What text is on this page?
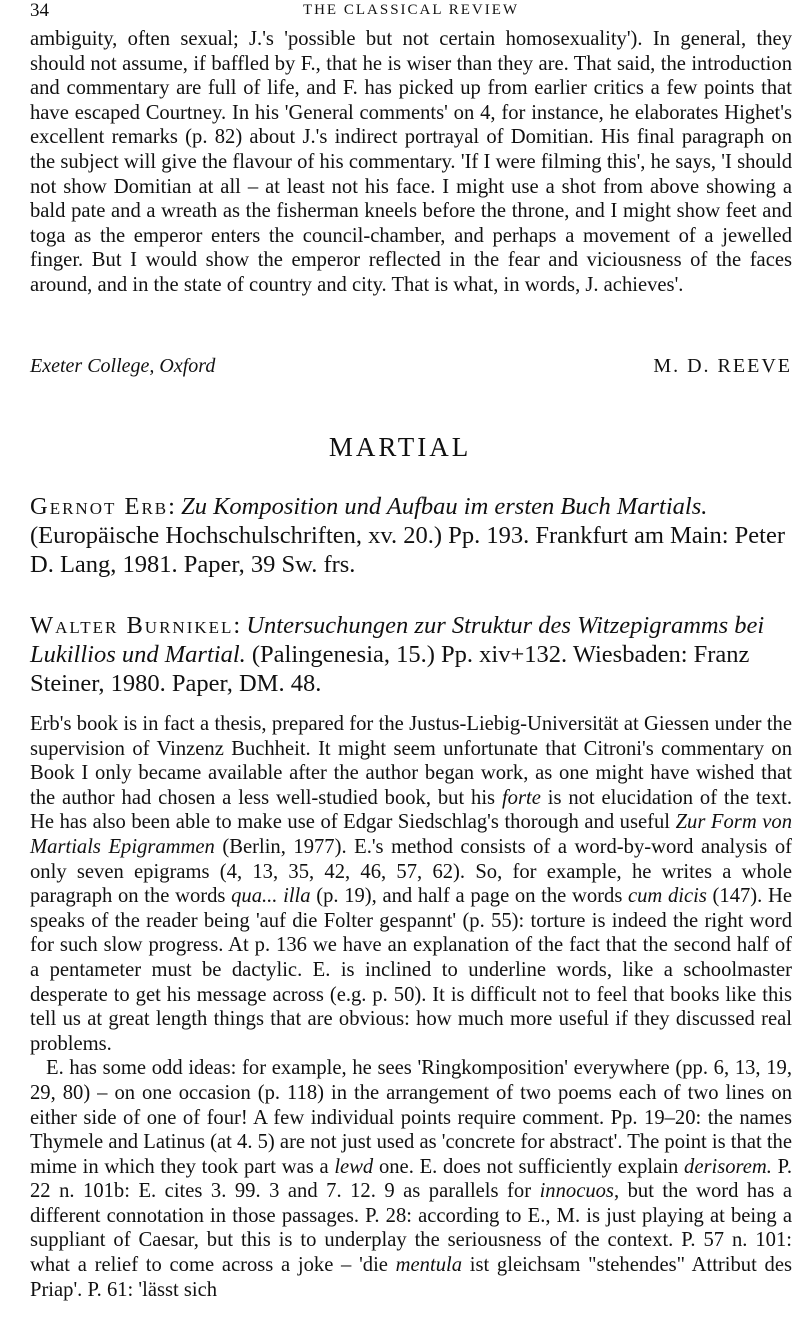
34	THE CLASSICAL REVIEW

ambiguity, often sexual; J.'s 'possible but not certain homosexuality'). In general, they should not assume, if baffled by F., that he is wiser than they are. That said, the introduction and commentary are full of life, and F. has picked up from earlier critics a few points that have escaped Courtney. In his 'General comments' on 4, for instance, he elaborates Highet's excellent remarks (p. 82) about J.'s indirect portrayal of Domitian. His final paragraph on the subject will give the flavour of his commentary. 'If I were filming this', he says, 'I should not show Domitian at all – at least not his face. I might use a shot from above showing a bald pate and a wreath as the fisherman kneels before the throne, and I might show feet and toga as the emperor enters the council-chamber, and perhaps a movement of a jewelled finger. But I would show the emperor reflected in the fear and viciousness of the faces around, and in the state of country and city. That is what, in words, J. achieves'.

Exeter College, Oxford	M. D. REEVE
MARTIAL

Gernot Erb: Zu Komposition und Aufbau im ersten Buch Martials. (Europäische Hochschulschriften, xv. 20.) Pp. 193. Frankfurt am Main: Peter D. Lang, 1981. Paper, 39 Sw. frs.

Walter Burnikel: Untersuchungen zur Struktur des Witzepigramms bei Lukillios und Martial. (Palingenesia, 15.) Pp. xiv+132. Wiesbaden: Franz Steiner, 1980. Paper, DM. 48.

Erb's book is in fact a thesis, prepared for the Justus-Liebig-Universität at Giessen under the supervision of Vinzenz Buchheit. It might seem unfortunate that Citroni's commentary on Book I only became available after the author began work, as one might have wished that the author had chosen a less well-studied book, but his forte is not elucidation of the text. He has also been able to make use of Edgar Siedschlag's thorough and useful Zur Form von Martials Epigrammen (Berlin, 1977). E.'s method consists of a word-by-word analysis of only seven epigrams (4, 13, 35, 42, 46, 57, 62). So, for example, he writes a whole paragraph on the words qua... illa (p. 19), and half a page on the words cum dicis (147). He speaks of the reader being 'auf die Folter gespannt' (p. 55): torture is indeed the right word for such slow progress. At p. 136 we have an explanation of the fact that the second half of a pentameter must be dactylic. E. is inclined to underline words, like a schoolmaster desperate to get his message across (e.g. p. 50). It is difficult not to feel that books like this tell us at great length things that are obvious: how much more useful if they discussed real problems.

E. has some odd ideas: for example, he sees 'Ringkomposition' everywhere (pp. 6, 13, 19, 29, 80) – on one occasion (p. 118) in the arrangement of two poems each of two lines on either side of one of four! A few individual points require comment. Pp. 19–20: the names Thymele and Latinus (at 4. 5) are not just used as 'concrete for abstract'. The point is that the mime in which they took part was a lewd one. E. does not sufficiently explain derisorem. P. 22 n. 101b: E. cites 3. 99. 3 and 7. 12. 9 as parallels for innocuos, but the word has a different connotation in those passages. P. 28: according to E., M. is just playing at being a suppliant of Caesar, but this is to underplay the seriousness of the context. P. 57 n. 101: what a relief to come across a joke – 'die mentula ist gleichsam "stehendes" Attribut des Priap'. P. 61: 'lässt sich
